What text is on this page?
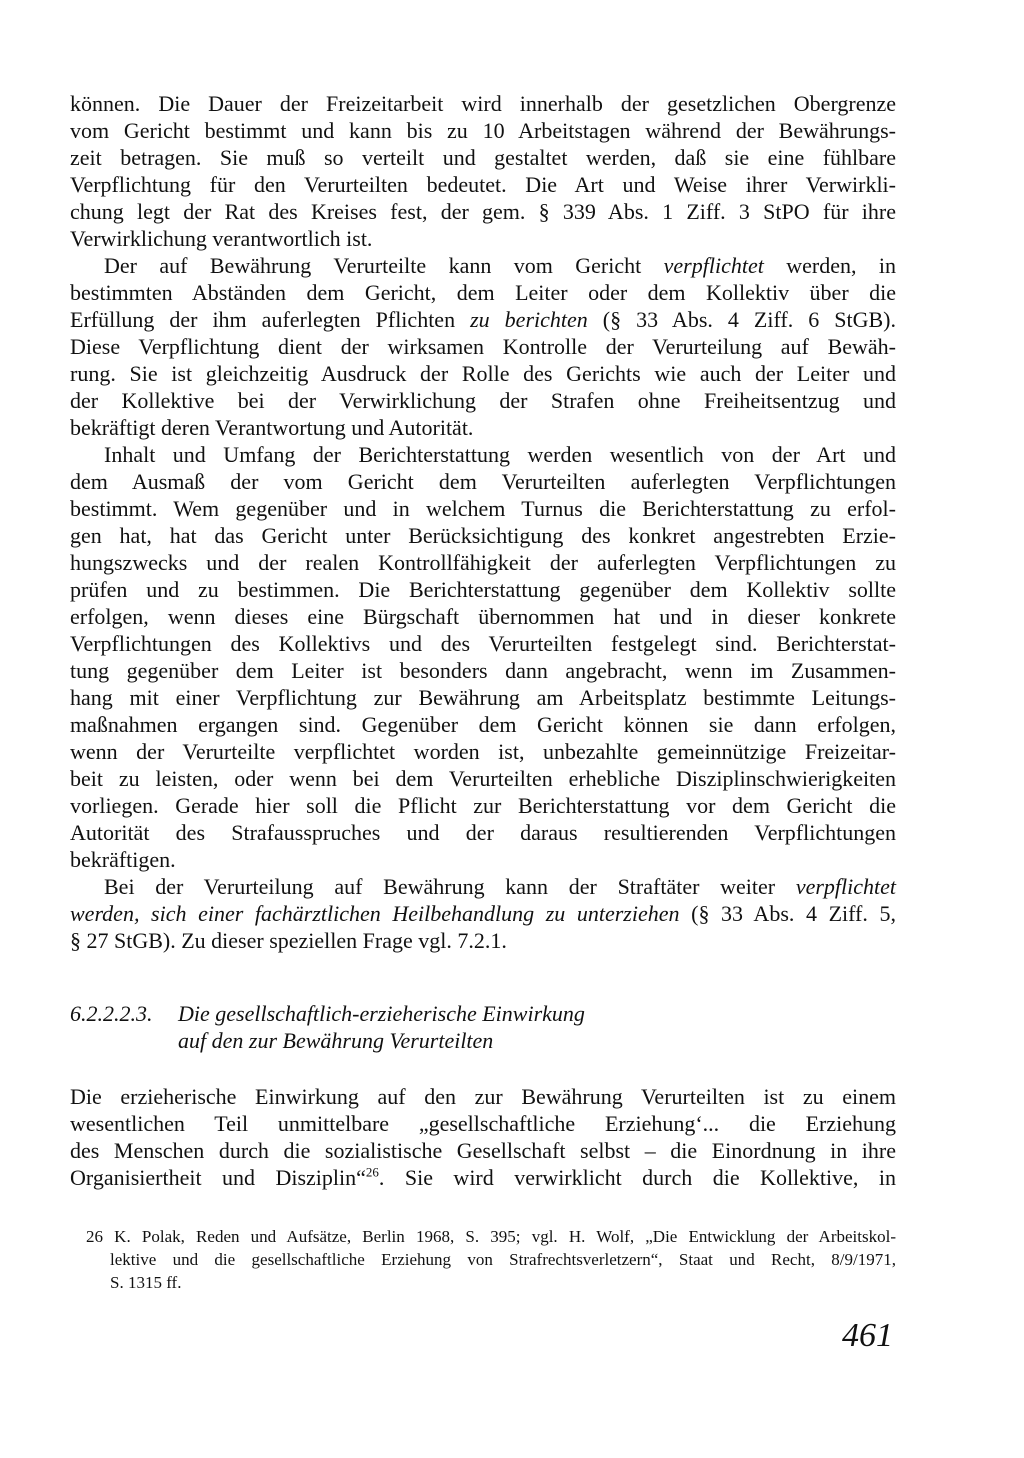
können. Die Dauer der Freizeitarbeit wird innerhalb der gesetzlichen Obergrenze
vom Gericht bestimmt und kann bis zu 10 Arbeitstagen während der Bewährungs-
zeit betragen. Sie muß so verteilt und gestaltet werden, daß sie eine fühlbare
Verpflichtung für den Verurteilten bedeutet. Die Art und Weise ihrer Verwirkli-
chung legt der Rat des Kreises fest, der gem. § 339 Abs. 1 Ziff. 3 StPO für ihre
Verwirklichung verantwortlich ist.
Der auf Bewährung Verurteilte kann vom Gericht verpflichtet werden, in
bestimmten Abständen dem Gericht, dem Leiter oder dem Kollektiv über die
Erfüllung der ihm auferlegten Pflichten zu berichten (§ 33 Abs. 4 Ziff. 6 StGB).
Diese Verpflichtung dient der wirksamen Kontrolle der Verurteilung auf Bewäh-
rung. Sie ist gleichzeitig Ausdruck der Rolle des Gerichts wie auch der Leiter und
der Kollektive bei der Verwirklichung der Strafen ohne Freiheitsentzug und
bekräftigt deren Verantwortung und Autorität.
Inhalt und Umfang der Berichterstattung werden wesentlich von der Art und
dem Ausmaß der vom Gericht dem Verurteilten auferlegten Verpflichtungen
bestimmt. Wem gegenüber und in welchem Turnus die Berichterstattung zu erfol-
gen hat, hat das Gericht unter Berücksichtigung des konkret angestrebten Erzie-
hungszwecks und der realen Kontrollfähigkeit der auferlegten Verpflichtungen zu
prüfen und zu bestimmen. Die Berichterstattung gegenüber dem Kollektiv sollte
erfolgen, wenn dieses eine Bürgschaft übernommen hat und in dieser konkrete
Verpflichtungen des Kollektivs und des Verurteilten festgelegt sind. Berichterstat-
tung gegenüber dem Leiter ist besonders dann angebracht, wenn im Zusammen-
hang mit einer Verpflichtung zur Bewährung am Arbeitsplatz bestimmte Leitungs-
maßnahmen ergangen sind. Gegenüber dem Gericht können sie dann erfolgen,
wenn der Verurteilte verpflichtet worden ist, unbezahlte gemeinnützige Freizeitar-
beit zu leisten, oder wenn bei dem Verurteilten erhebliche Disziplinschwierigkeiten
vorliegen. Gerade hier soll die Pflicht zur Berichterstattung vor dem Gericht die
Autorität des Strafausspruches und der daraus resultierenden Verpflichtungen
bekräftigen.
Bei der Verurteilung auf Bewährung kann der Straftäter weiter verpflichtet
werden, sich einer fachärztlichen Heilbehandlung zu unterziehen (§ 33 Abs. 4 Ziff. 5,
§ 27 StGB). Zu dieser speziellen Frage vgl. 7.2.1.
6.2.2.2.3. Die gesellschaftlich-erzieherische Einwirkung
auf den zur Bewährung Verurteilten
Die erzieherische Einwirkung auf den zur Bewährung Verurteilten ist zu einem
wesentlichen Teil unmittelbare „gesellschaftliche Erziehung‘... die Erziehung
des Menschen durch die sozialistische Gesellschaft selbst – die Einordnung in ihre
Organisiertheit und Disziplin“$^{26}$. Sie wird verwirklicht durch die Kollektive, in
26 K. Polak, Reden und Aufsätze, Berlin 1968, S. 395; vgl. H. Wolf, „Die Entwicklung der Arbeitskol-
lektive und die gesellschaftliche Erziehung von Strafrechtsverletzern“, Staat und Recht, 8/9/1971,
S. 1315 ff.
461
